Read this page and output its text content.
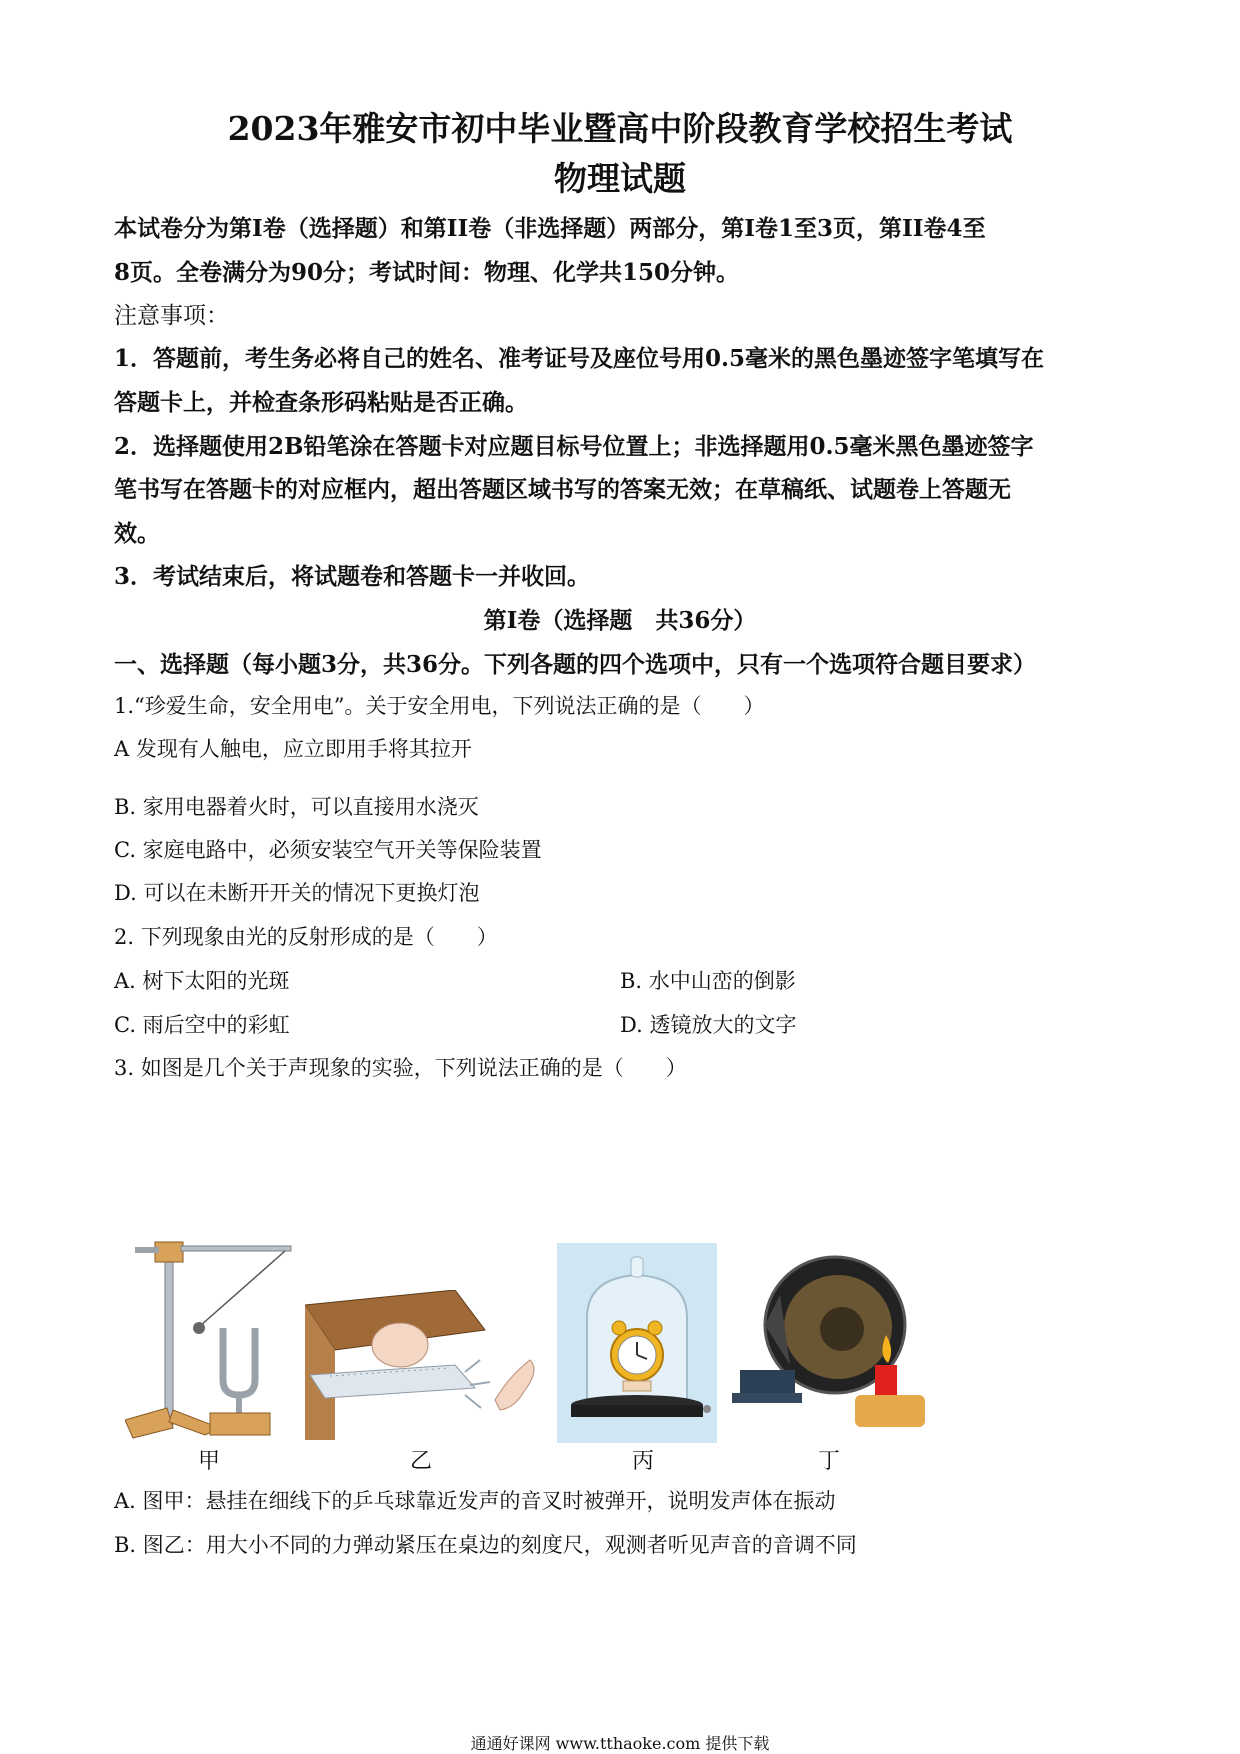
2023年雅安市初中毕业暨高中阶段教育学校招生考试
物理试题
本试卷分为第I卷（选择题）和第II卷（非选择题）两部分，第I卷1至3页，第II卷4至
8页。全卷满分为90分；考试时间：物理、化学共150分钟。
注意事项：
1．答题前，考生务必将自己的姓名、准考证号及座位号用0.5毫米的黑色墨迹签字笔填写在
答题卡上，并检查条形码粘贴是否正确。
2．选择题使用2B铅笔涂在答题卡对应题目标号位置上；非选择题用0.5毫米黑色墨迹签字
笔书写在答题卡的对应框内，超出答题区域书写的答案无效；在草稿纸、试题卷上答题无
效。
3．考试结束后，将试题卷和答题卡一并收回。
第I卷（选择题　共36分）
一、选择题（每小题3分，共36分。下列各题的四个选项中，只有一个选项符合题目要求）
1.“珍爱生命，安全用电”。关于安全用电，下列说法正确的是（　　）
A 发现有人触电，应立即用手将其拉开
B. 家用电器着火时，可以直接用水浇灭
C. 家庭电路中，必须安装空气开关等保险装置
D. 可以在未断开开关的情况下更换灯泡
2. 下列现象由光的反射形成的是（　　）
A. 树下太阳的光斑	B. 水中山峦的倒影
C. 雨后空中的彩虹	D. 透镜放大的文字
3. 如图是几个关于声现象的实验，下列说法正确的是（　　）
甲	乙	丙	丁
A. 图甲：悬挂在细线下的乒乓球靠近发声的音叉时被弹开，说明发声体在振动
B. 图乙：用大小不同的力弹动紧压在桌边的刻度尺，观测者听见声音的音调不同
通通好课网 www.tthaoke.com 提供下载
